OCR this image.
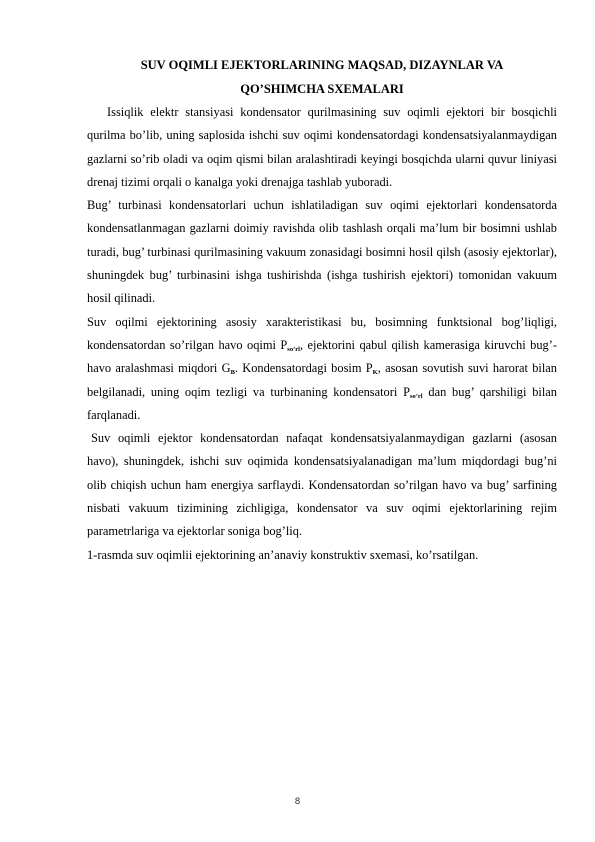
SUV OQIMLI EJEKTORLARINING MAQSAD, DIZAYNLAR VA
QO’SHIMCHA SXEMALARI

Issiqlik elektr stansiyasi kondensator qurilmasining suv oqimli ejektori bir bosqichli qurilma bo’lib, uning saplosida ishchi suv oqimi kondensatordagi kondensatsiyalanmaydigan gazlarni so’rib oladi va oqim qismi bilan aralashtiradi keyingi bosqichda ularni quvur liniyasi drenaj tizimi orqali o kanalga yoki drenajga tashlab yuboradi.

Bug’ turbinasi kondensatorlari uchun ishlatiladigan suv oqimi ejektorlari kondensatorda kondensatlanmagan gazlarni doimiy ravishda olib tashlash orqali ma’lum bir bosimni ushlab turadi, bug’ turbinasi qurilmasining vakuum zonasidagi bosimni hosil qilsh (asosiy ejektorlar), shuningdek bug’ turbinasini ishga tushirishda (ishga tushirish ejektori) tomonidan vakuum hosil qilinadi.

Suv oqilmi ejektorining asosiy xarakteristikasi bu, bosimning funktsional bog’liqligi, kondensatordan so’rilgan havo oqimi $P_{so’rl}$, ejektorini qabul qilish kamerasiga kiruvchi bug’-havo aralashmasi miqdori $G_B$. Kondensatordagi bosim $P_K$, asosan sovutish suvi harorat bilan belgilanadi, uning oqim tezligi va turbinaning kondensatori $P_{so’rl}$ dan bug’ qarshiligi bilan farqlanadi.

Suv oqimli ejektor kondensatordan nafaqat kondensatsiyalanmaydigan gazlarni (asosan havo), shuningdek, ishchi suv oqimida kondensatsiyalanadigan ma’lum miqdordagi bug’ni olib chiqish uchun ham energiya sarflaydi. Kondensatordan so’rilgan havo va bug’ sarfining nisbati vakuum tizimining zichligiga, kondensator va suv oqimi ejektorlarining rejim parametrlariga va ejektorlar soniga bog’liq.

1-rasmda suv oqimlii ejektorining an’anaviy konstruktiv sxemasi, ko’rsatilgan.

8
